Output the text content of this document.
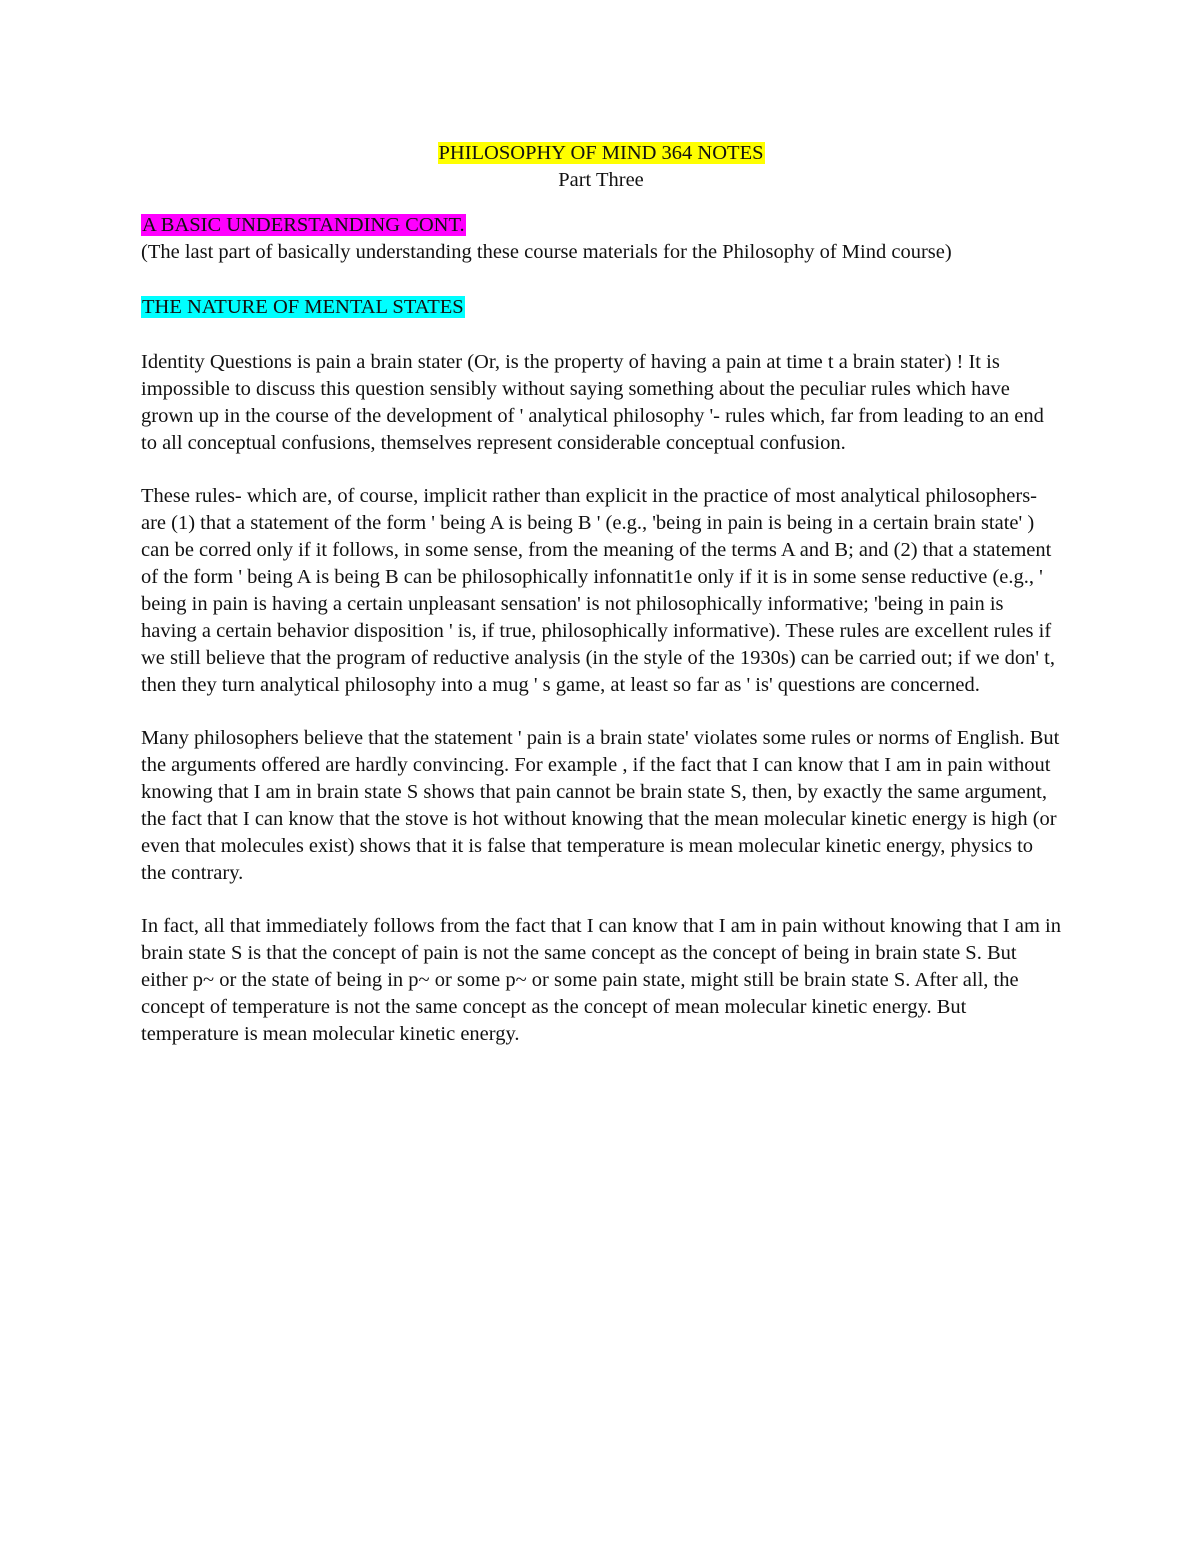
PHILOSOPHY OF MIND 364 NOTES
Part Three
A BASIC UNDERSTANDING CONT.

(The last part of basically understanding these course materials for the Philosophy of Mind course)

THE NATURE OF MENTAL STATES

Identity Questions is pain a brain stater (Or, is the property of having a pain at time t a brain stater) ! It is impossible to discuss this question sensibly without saying something about the peculiar rules which have grown up in the course of the development of ' analytical philosophy '- rules which, far from leading to an end to all conceptual confusions, themselves represent considerable conceptual confusion.

These rules- which are, of course, implicit rather than explicit in the practice of most analytical philosophers- are (1) that a statement of the form ' being A is being B ' (e.g., 'being in pain is being in a certain brain state' ) can be corred only if it follows, in some sense, from the meaning of the terms A and B; and (2) that a statement of the form ' being A is being B can be philosophically infonnatit1e only if it is in some sense reductive (e.g., ' being in pain is having a certain unpleasant sensation' is not philosophically informative; 'being in pain is having a certain behavior disposition ' is, if true, philosophically informative). These rules are excellent rules if we still believe that the program of reductive analysis (in the style of the 1930s) can be carried out; if we don' t, then they turn analytical philosophy into a mug ' s game, at least so far as ' is' questions are concerned.

Many philosophers believe that the statement ' pain is a brain state' violates some rules or norms of English. But the arguments offered are hardly convincing. For example , if the fact that I can know that I am in pain without knowing that I am in brain state S shows that pain cannot be brain state S, then, by exactly the same argument, the fact that I can know that the stove is hot without knowing that the mean molecular kinetic energy is high (or even that molecules exist) shows that it is false that temperature is mean molecular kinetic energy, physics to the contrary.

In fact, all that immediately follows from the fact that I can know that I am in pain without knowing that I am in brain state S is that the concept of pain is not the same concept as the concept of being in brain state S. But either p~ or the state of being in p~ or some p~ or some pain state, might still be brain state S. After all, the concept of temperature is not the same concept as the concept of mean molecular kinetic energy. But temperature is mean molecular kinetic energy.
